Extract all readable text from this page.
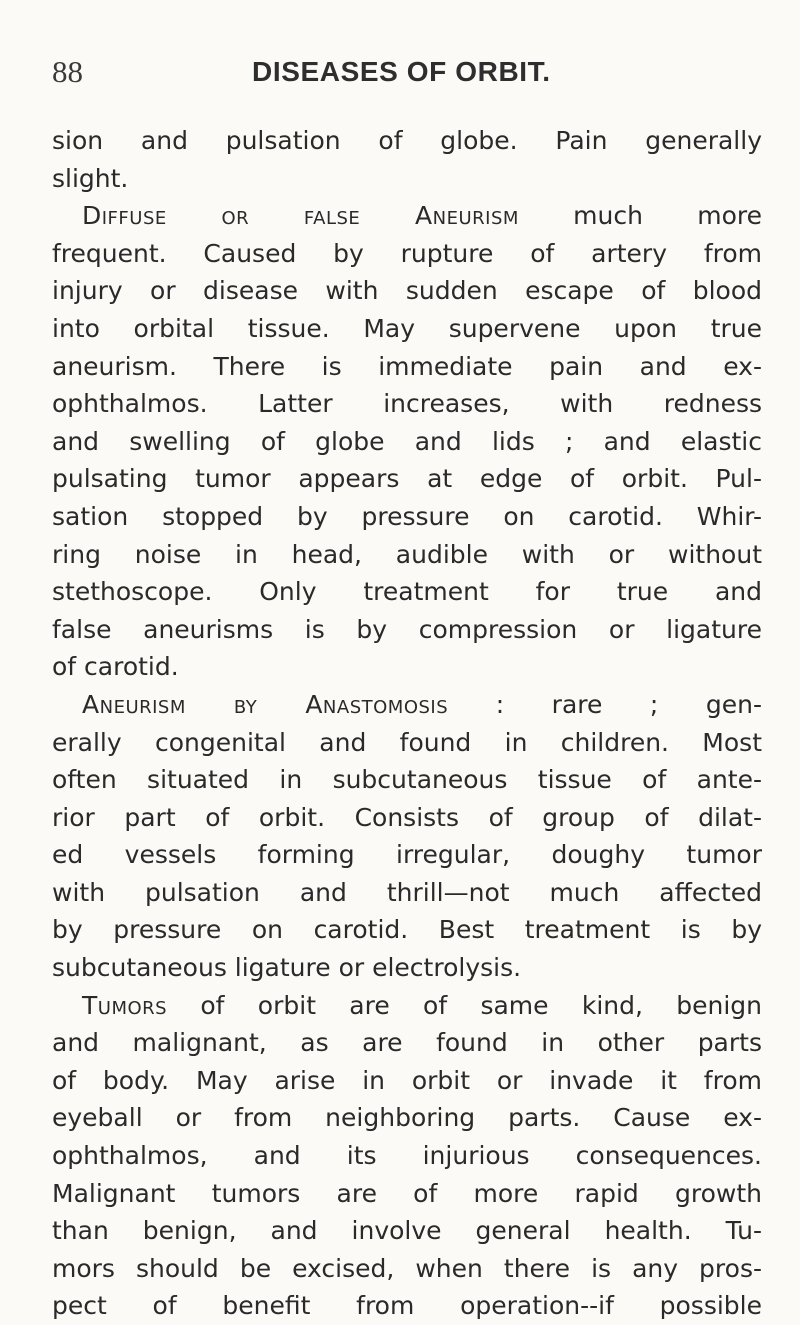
88	DISEASES OF ORBIT.
sion and pulsation of globe. Pain generally
slight.
Diffuse or false Aneurism much more
frequent. Caused by rupture of artery from
injury or disease with sudden escape of blood
into orbital tissue. May supervene upon true
aneurism. There is immediate pain and ex-
ophthalmos. Latter increases, with redness
and swelling of globe and lids ; and elastic
pulsating tumor appears at edge of orbit. Pul-
sation stopped by pressure on carotid. Whir-
ring noise in head, audible with or without
stethoscope. Only treatment for true and
false aneurisms is by compression or ligature
of carotid.
Aneurism by Anastomosis : rare ; gen-
erally congenital and found in children. Most
often situated in subcutaneous tissue of ante-
rior part of orbit. Consists of group of dilat-
ed vessels forming irregular, doughy tumor
with pulsation and thrill—not much affected
by pressure on carotid. Best treatment is by
subcutaneous ligature or electrolysis.
Tumors of orbit are of same kind, benign
and malignant, as are found in other parts
of body. May arise in orbit or invade it from
eyeball or from neighboring parts. Cause ex-
ophthalmos, and its injurious consequences.
Malignant tumors are of more rapid growth
than benign, and involve general health. Tu-
mors should be excised, when there is any pros-
pect of benefit from operation--if possible
